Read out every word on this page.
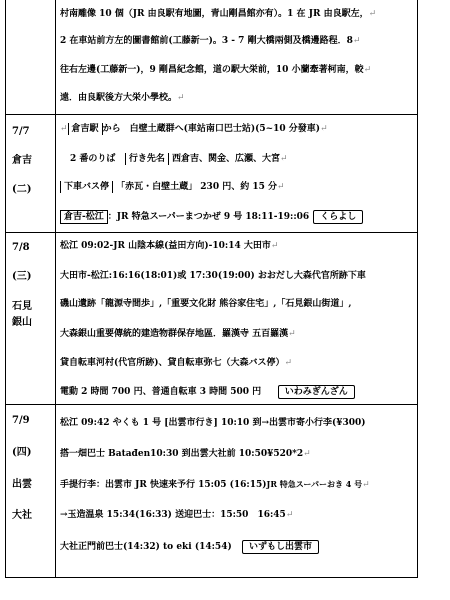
村南雕像 10 個（JR 由良駅有地圖，青山剛昌館亦有）。1 在 JR 由良駅左，↵
2 在車站前方左的圖書館前(工藤新一)。3 - 7 剛大橋兩側及橋邊路程．8↵
往右左邊(工藤新一)，9 剛昌紀念館，道の駅大栄前，10 小蘭牽著柯南，較↵
遠．由良駅後方大栄小學校。↵
7/7
倉吉
(二)
↵ 倉吉駅 から　白壁土蔵群へ(車站南口巴士站)(5~10 分發車)↵
2 番のりば 行き先名 西倉吉、関金、広瀬、大宮↵
下車バス停 「赤瓦・白壁土蔵」 230 円、約 15 分↵
倉吉-松江 ：JR 特急スーパーまつかぜ 9 号 18:11-19::06 くらよし
7/8
(三)
石見
銀山
松江 09:02-JR 山陰本線(益田方向)-10:14 大田市↵
大田市-松江:16:16(18:01)或 17:30(19:00) おおだし大森代官所跡下車
磯山遺跡「龍源寺間歩」,「重要文化財 熊谷家住宅」,「石見銀山街道」,
大森銀山重要傳統的建造物群保存地區．羅漢寺 五百羅漢↵
貸自転車河村(代官所跡)、貸自転車弥七（大森バス停）↵
電動 2 時間 700 円、普通自転車 3 時間 500 円	いわみぎんざん
7/9
(四)
出雲
大社
松江 09:42 やくも 1 号 [出雲市行き] 10:10 到→出雲市寄小行李(¥300)
搭一畑巴士 Batađen10:30 到出雲大社前 10:50¥520*2↵
手提行李：出雲市 JR 快速来予行 15:05 (16:15)JR 特急スーパーおき 4 号↵
→玉造温泉 15:34(16:33) 送迎巴士：15:50　16:45↵
大社正門前巴士(14:32) to eki (14:54) いずもし出雲市
